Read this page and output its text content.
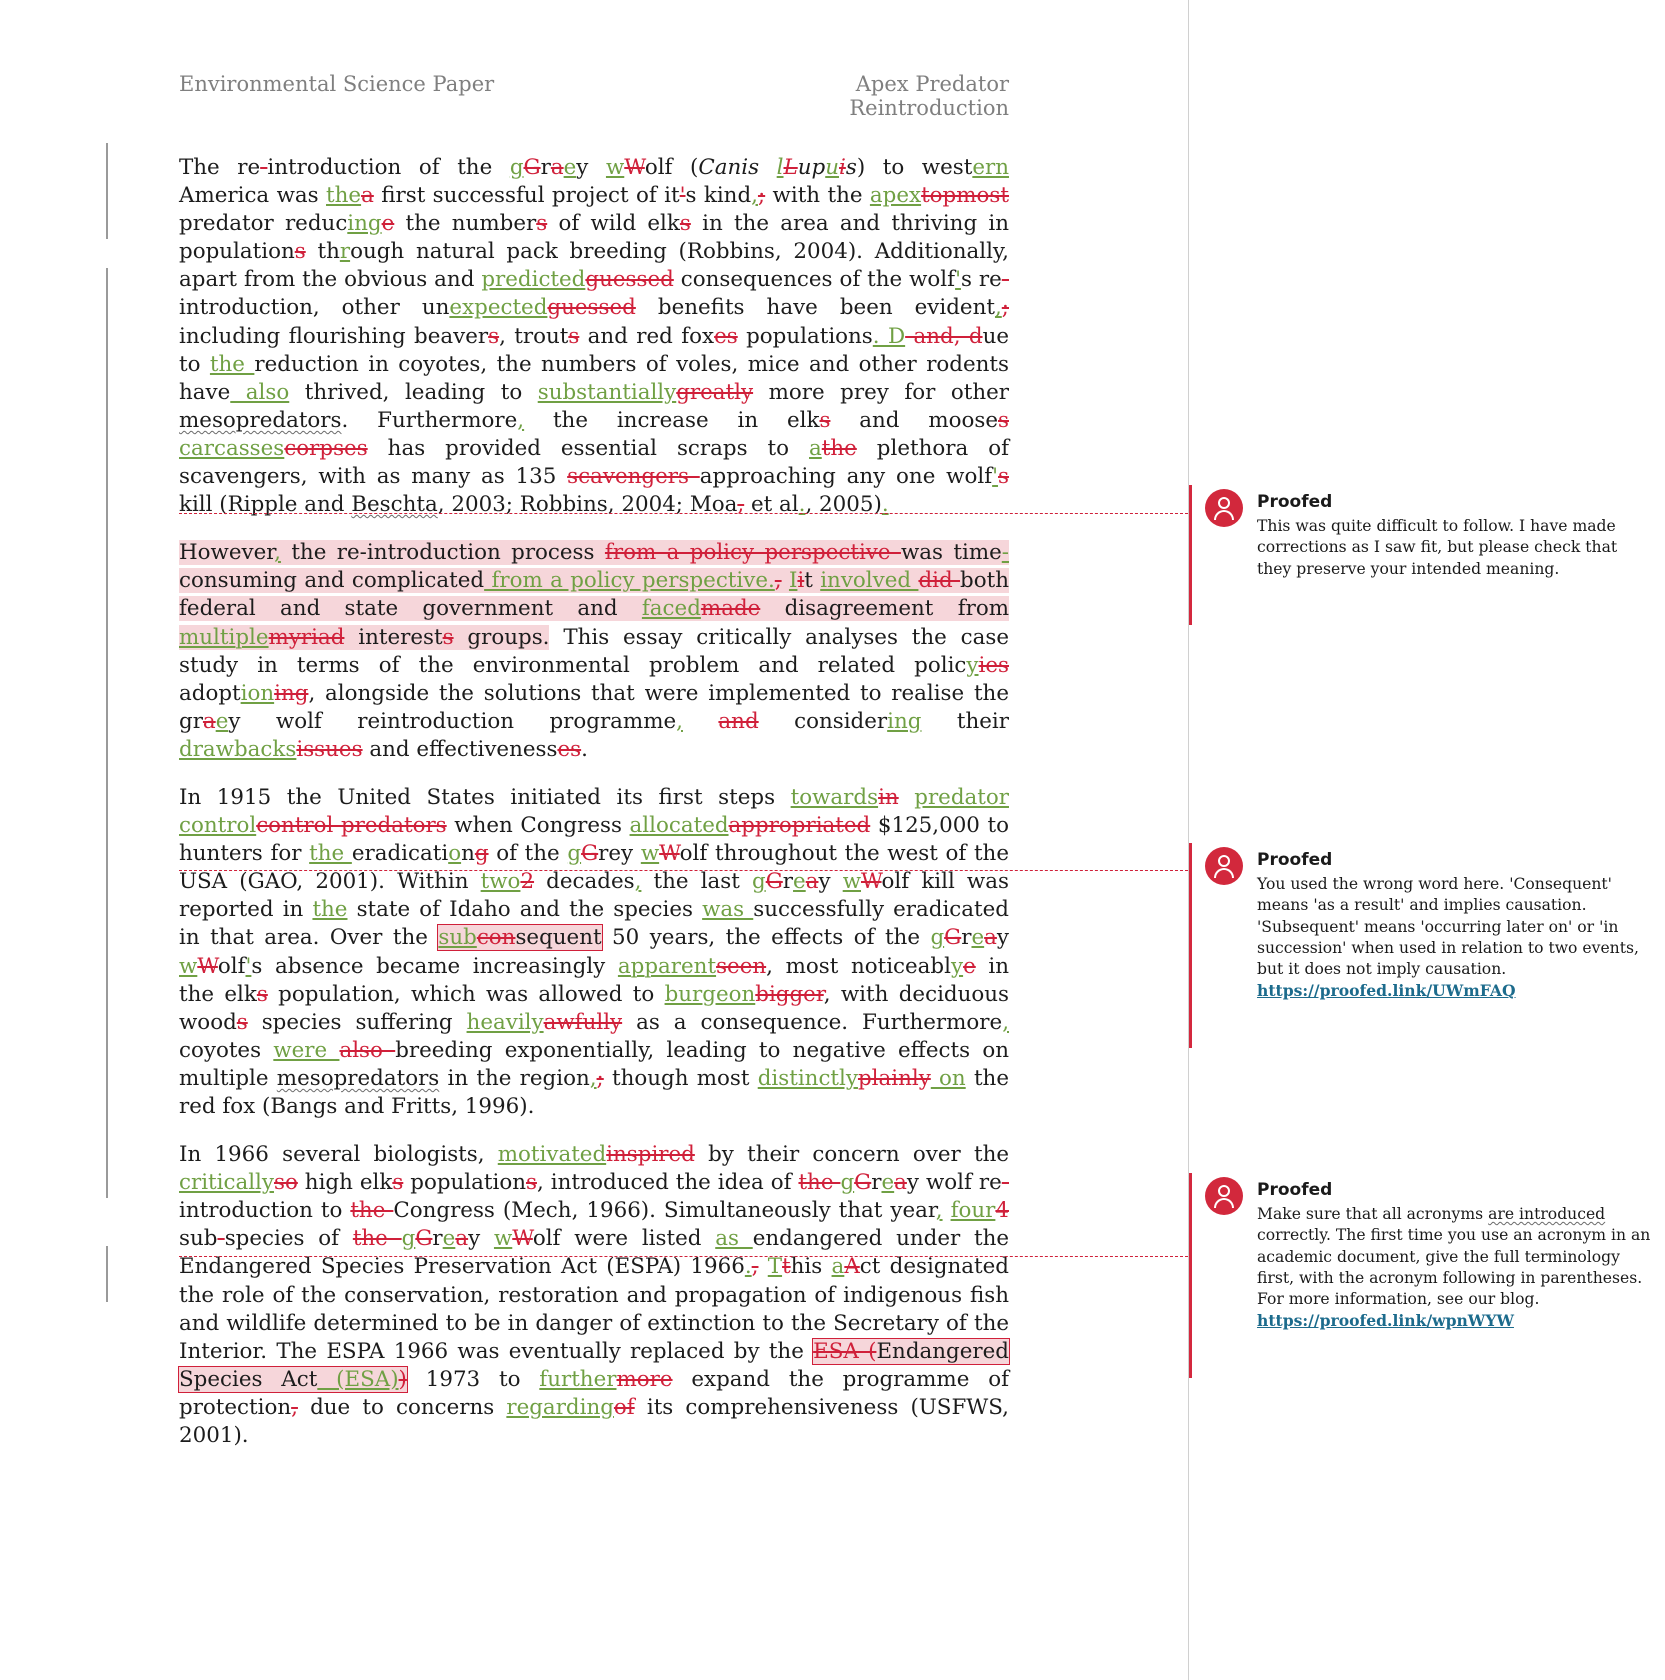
Environmental Science Paper	Apex Predator Reintroduction

The re-introduction of the gGraey wWolf (Canis lLupuis) to western America was thea first successful project of it's kind,; with the apextopmost predator reducinge the numbers of wild elks in the area and thriving in populations through natural pack breeding (Robbins, 2004). Additionally, apart from the obvious and predictedguessed consequences of the wolf's re-introduction, other unexpectedguessed benefits have been evident,; including flourishing beavers, trouts and red foxes populations. D and, due to the reduction in coyotes, the numbers of voles, mice and other rodents have also thrived, leading to substantiallygreatly more prey for other mesopredators. Furthermore, the increase in elks and mooses carcassescorpses has provided essential scraps to athe plethora of scavengers, with as many as 135 scavengers approaching any one wolf's kill (Ripple and Beschta, 2003; Robbins, 2004; Moa, et al., 2005).

However, the re-introduction process from a policy perspective was time-consuming and complicated from a policy perspective., Iit involved did both federal and state government and facedmade disagreement from multiplemyriad interests groups. This essay critically analyses the case study in terms of the environmental problem and related policyies adoptioning, alongside the solutions that were implemented to realise the graey wolf reintroduction programme, and considering their drawbacksissues and effectivenesses.

In 1915 the United States initiated its first steps towardsin predator controlcontrol predators when Congress allocatedappropriated $125,000 to hunters for the eradicationg of the gGrey wWolf throughout the west of the USA (GAO, 2001). Within two2 decades, the last gGreay wWolf kill was reported in the state of Idaho and the species was successfully eradicated in that area. Over the subconsequent 50 years, the effects of the gGreay wWolf's absence became increasingly apparentseen, most noticeablye in the elks population, which was allowed to burgeonbigger, with deciduous woods species suffering heavilyawfully as a consequence. Furthermore, coyotes were also breeding exponentially, leading to negative effects on multiple mesopredators in the region,; though most distinctlyplainly on the red fox (Bangs and Fritts, 1996).

In 1966 several biologists, motivatedinspired by their concern over the criticallyso high elks populations, introduced the idea of the gGreay wolf re-introduction to the Congress (Mech, 1966). Simultaneously that year, four4 sub-species of the gGreay wWolf were listed as endangered under the Endangered Species Preservation Act (ESPA) 1966., Tthis aAct designated the role of the conservation, restoration and propagation of indigenous fish and wildlife determined to be in danger of extinction to the Secretary of the Interior. The ESPA 1966 was eventually replaced by the ESA (Endangered Species Act (ESA)) 1973 to furthermore expand the programme of protection, due to concerns regardingof its comprehensiveness (USFWS, 2001).

Proofed
This was quite difficult to follow. I have made corrections as I saw fit, but please check that they preserve your intended meaning.
Proofed
You used the wrong word here. 'Consequent' means 'as a result' and implies causation. 'Subsequent' means 'occurring later on' or 'in succession' when used in relation to two events, but it does not imply causation.
https://proofed.link/UWmFAQ
Proofed
Make sure that all acronyms are introduced correctly. The first time you use an acronym in an academic document, give the full terminology first, with the acronym following in parentheses. For more information, see our blog.
https://proofed.link/wpnWYW
